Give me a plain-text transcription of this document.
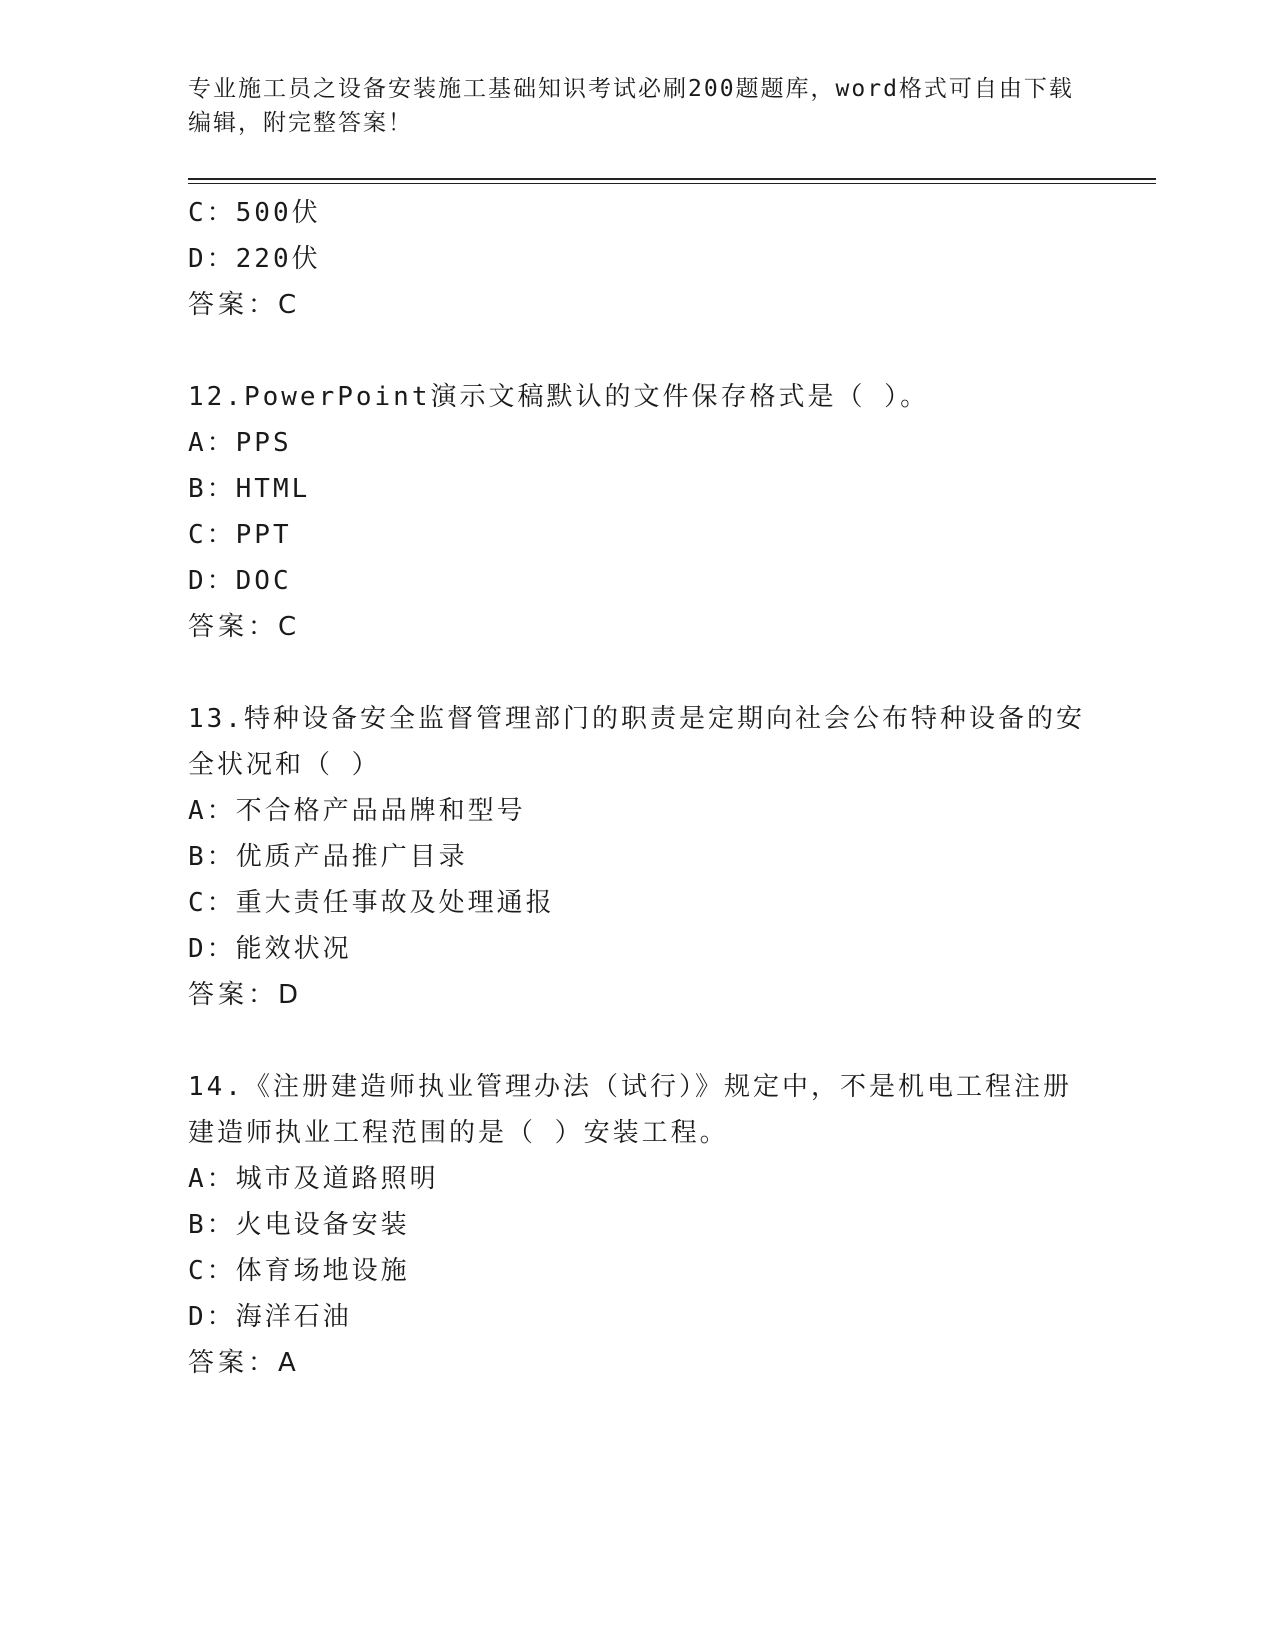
专业施工员之设备安装施工基础知识考试必刷200题题库，word格式可自由下载编辑，附完整答案！
C：500伏
D：220伏
答案：C
12.PowerPoint演示文稿默认的文件保存格式是（ ）。
A：PPS
B：HTML
C：PPT
D：DOC
答案：C
13.特种设备安全监督管理部门的职责是定期向社会公布特种设备的安
全状况和（ ）
A：不合格产品品牌和型号
B：优质产品推广目录
C：重大责任事故及处理通报
D：能效状况
答案：D
14.《注册建造师执业管理办法（试行）》规定中，不是机电工程注册
建造师执业工程范围的是（ ）安装工程。
A：城市及道路照明
B：火电设备安装
C：体育场地设施
D：海洋石油
答案：A
